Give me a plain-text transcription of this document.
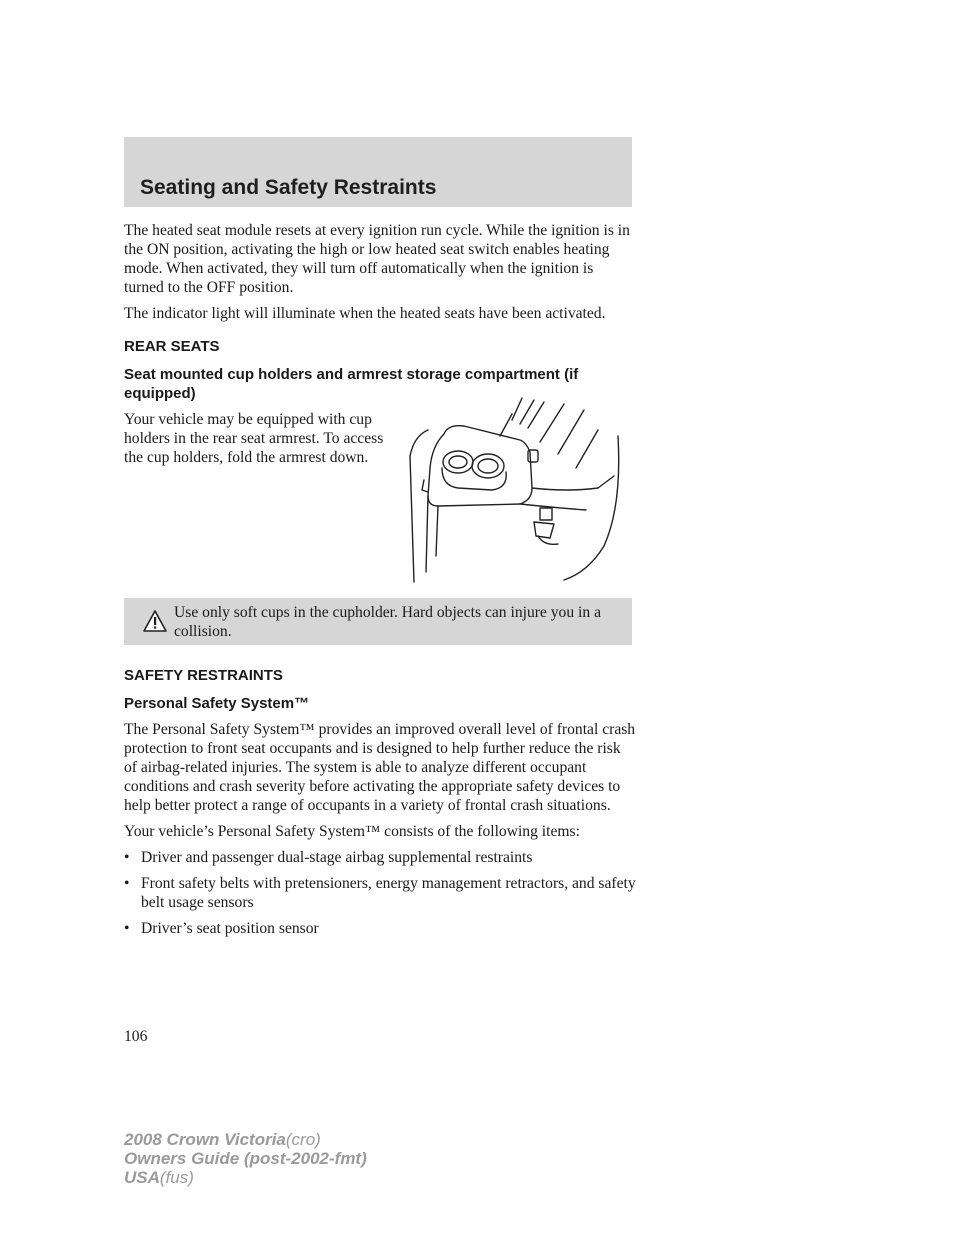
Seating and Safety Restraints

The heated seat module resets at every ignition run cycle. While the ignition is in the ON position, activating the high or low heated seat switch enables heating mode. When activated, they will turn off automatically when the ignition is turned to the OFF position.

The indicator light will illuminate when the heated seats have been activated.

REAR SEATS

Seat mounted cup holders and armrest storage compartment (if equipped)

Your vehicle may be equipped with cup holders in the rear seat armrest. To access the cup holders, fold the armrest down.

Use only soft cups in the cupholder. Hard objects can injure you in a collision.

SAFETY RESTRAINTS

Personal Safety System™

The Personal Safety System™ provides an improved overall level of frontal crash protection to front seat occupants and is designed to help further reduce the risk of airbag-related injuries. The system is able to analyze different occupant conditions and crash severity before activating the appropriate safety devices to help better protect a range of occupants in a variety of frontal crash situations.

Your vehicle’s Personal Safety System™ consists of the following items:

• Driver and passenger dual-stage airbag supplemental restraints
• Front safety belts with pretensioners, energy management retractors, and safety belt usage sensors
• Driver’s seat position sensor
106
2008 Crown Victoria(cro)
Owners Guide (post-2002-fmt)
USA(fus)
